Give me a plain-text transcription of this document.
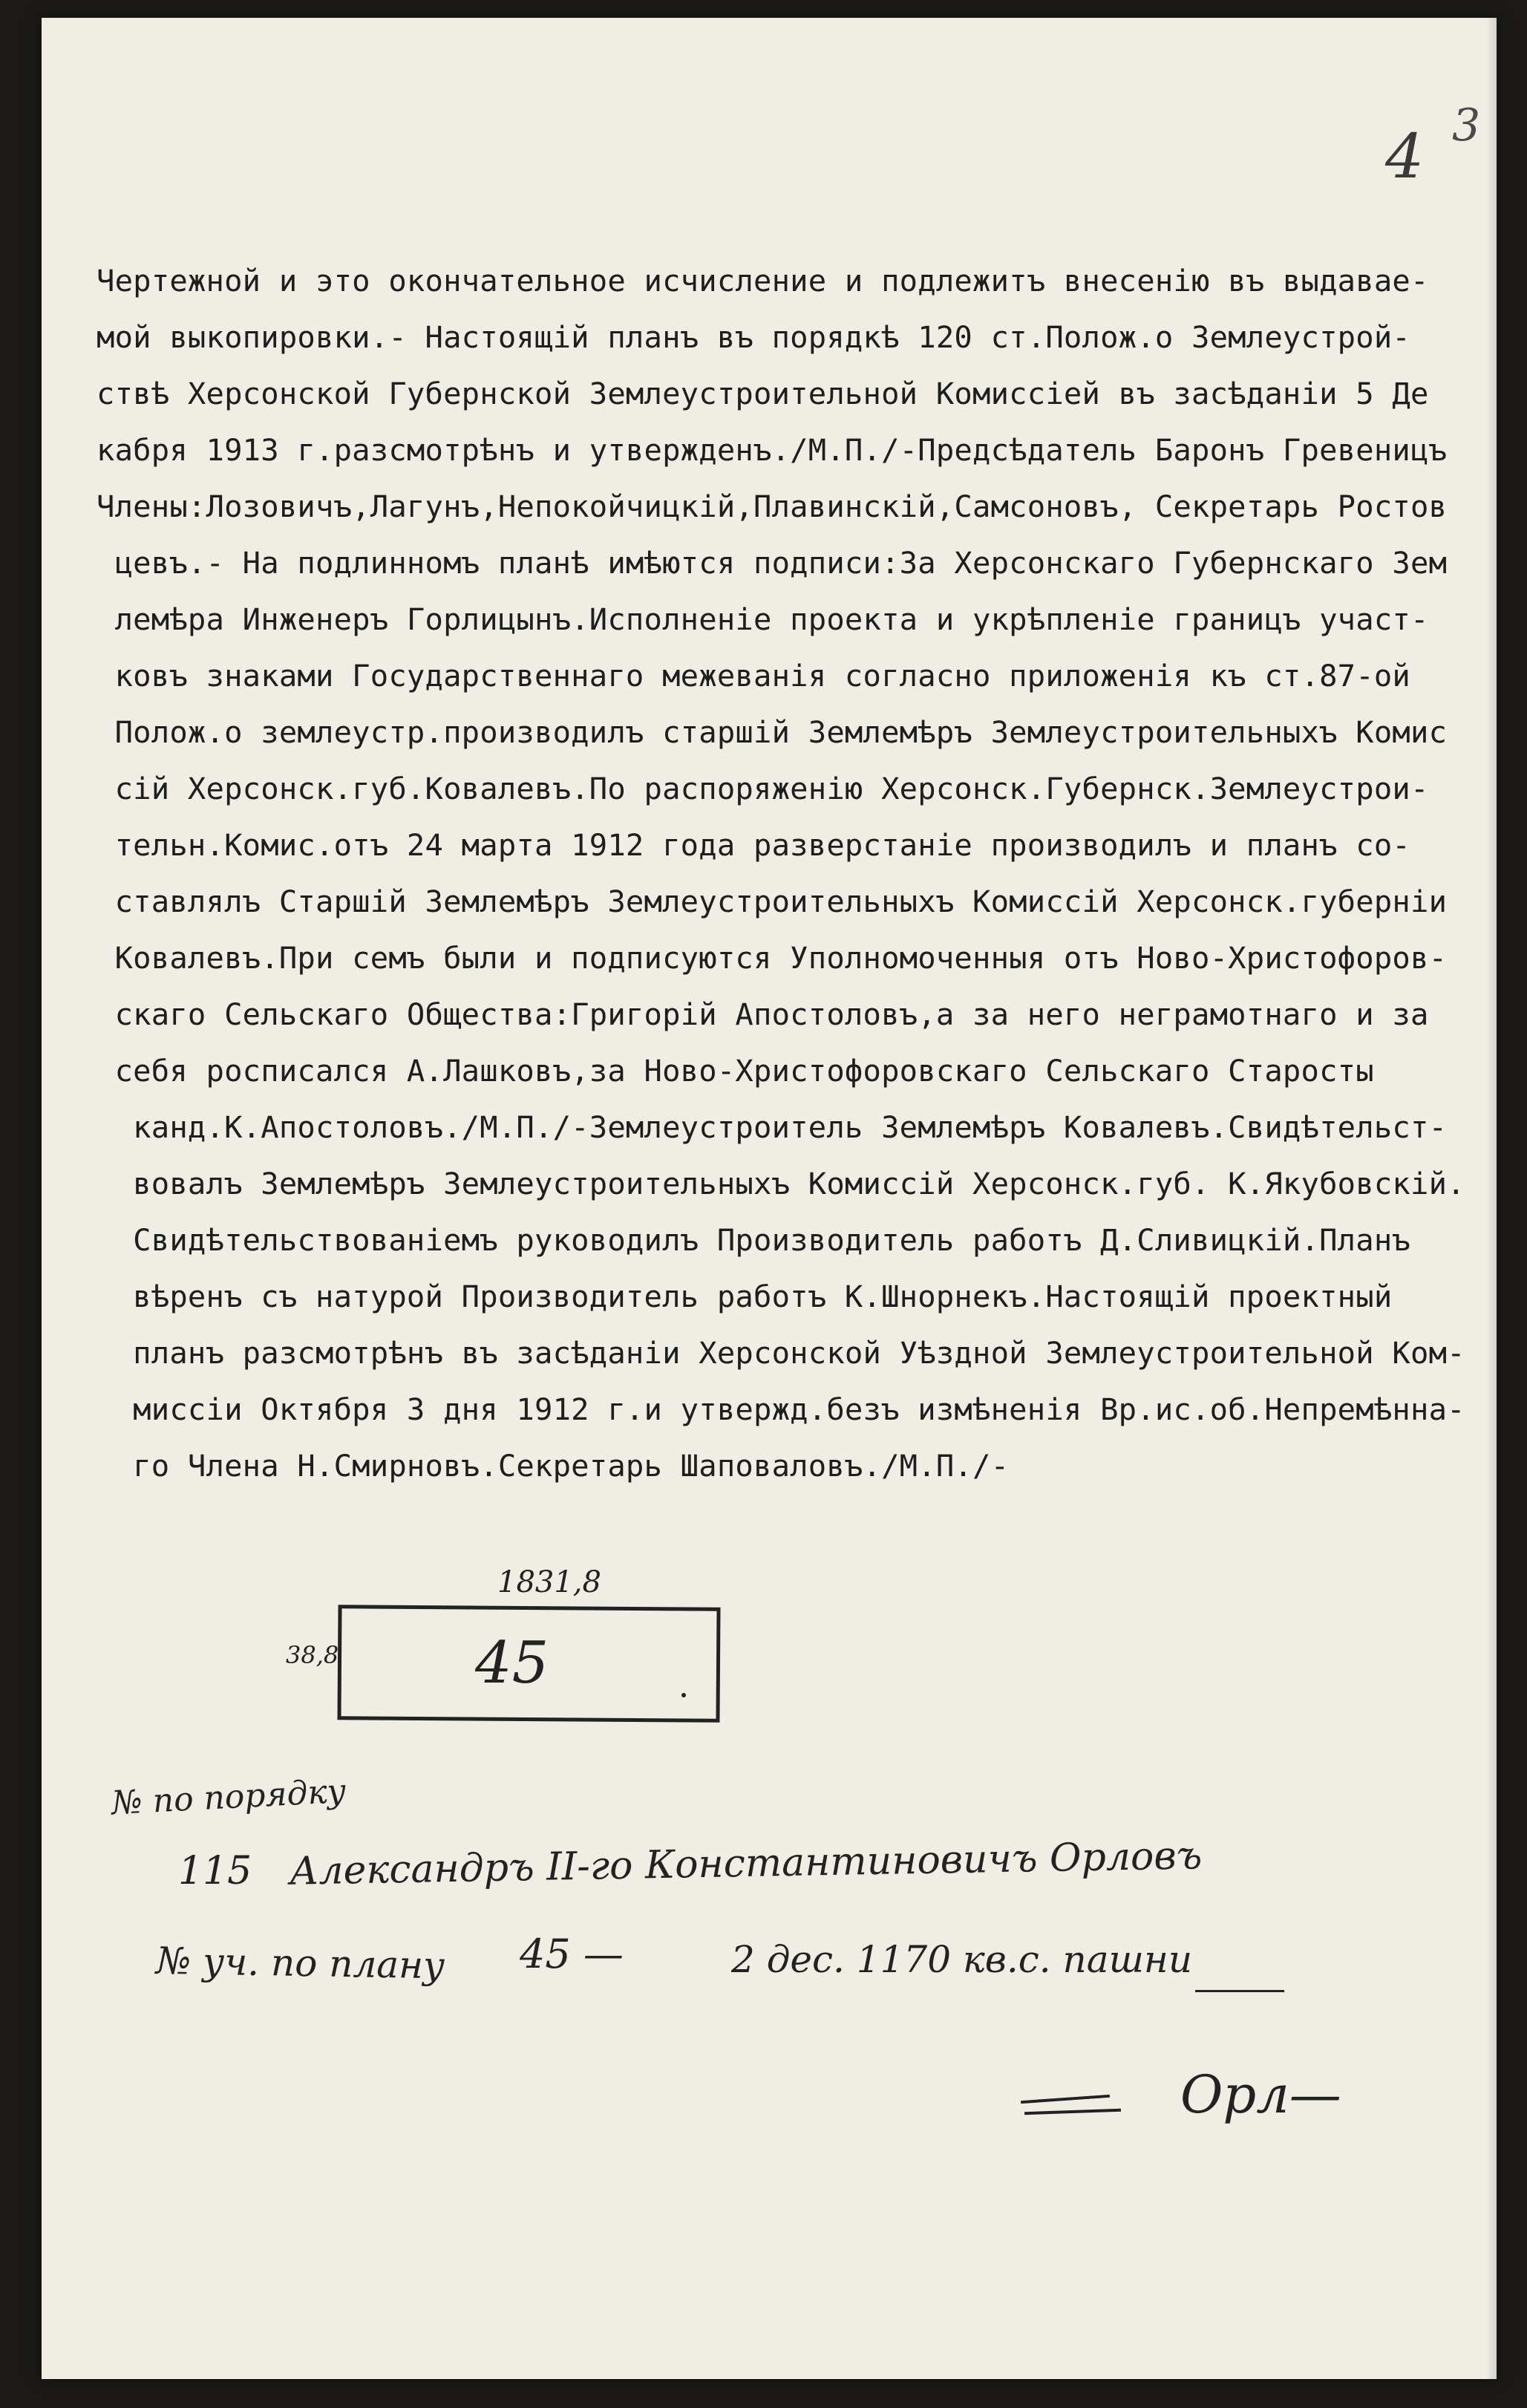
4 3
Чертежной и это окончательное исчисление и подлежитъ внесенiю въ выдавае-
мой выкопировки.- Настоящiй планъ въ порядкѣ 120 ст.Полож.о Землеустрой-
ствѣ Херсонской Губернской Землеустроительной Комиссiей въ засѣданiи 5 Де
кабря 1913 г.разсмотрѣнъ и утвержденъ./М.П./-Предсѣдатель Баронъ Гревеницъ
Члены:Лозовичъ,Лагунъ,Непокойчицкiй,Плавинскiй,Самсоновъ, Секретарь Ростов
цевъ.- На подлинномъ планѣ имѣются подписи:За Херсонскаго Губернскаго Зем
лемѣра Инженеръ Горлицынъ.Исполненiе проекта и укрѣпленiе границъ участ-
ковъ знаками Государственнаго межеванiя согласно приложенiя къ ст.87-ой
Полож.о землеустр.производилъ старшiй Землемѣръ Землеустроительныхъ Комис
сiй Херсонск.губ.Ковалевъ.По распоряженiю Херсонск.Губернск.Землеустрои-
тельн.Комис.отъ 24 марта 1912 года разверстанiе производилъ и планъ со-
ставлялъ Старшiй Землемѣръ Землеустроительныхъ Комиссiй Херсонск.губернiи
Ковалевъ.При семъ были и подписуются Уполномоченныя отъ Ново-Христофоров-
скаго Сельскаго Общества:Григорiй Апостоловъ,а за него неграмотнаго и за
себя росписался А.Лашковъ,за Ново-Христофоровскаго Сельскаго Старосты
канд.К.Апостоловъ./М.П./-Землеустроитель Землемѣръ Ковалевъ.Свидѣтельст-
вовалъ Землемѣръ Землеустроительныхъ Комиссiй Херсонск.губ. К.Якубовскiй.
Свидѣтельствованiемъ руководилъ Производитель работъ Д.Сливицкiй.Планъ
вѣренъ съ натурой Производитель работъ К.Шнорнекъ.Настоящiй проектный
планъ разсмотрѣнъ въ засѣданiи Херсонской Уѣздной Землеустроительной Ком-
миссiи Октября 3 дня 1912 г.и утвержд.безъ измѣненiя Вр.ис.об.Непремѣнна-
го Члена Н.Смирновъ.Секретарь Шаповаловъ./М.П./-
1831,8
38,8 45
№ по порядку
115 Александръ II-го Константиновичъ Орловъ
№ уч. по плану 45 —	2 дес. 1170 кв.с. пашни
Орл—
